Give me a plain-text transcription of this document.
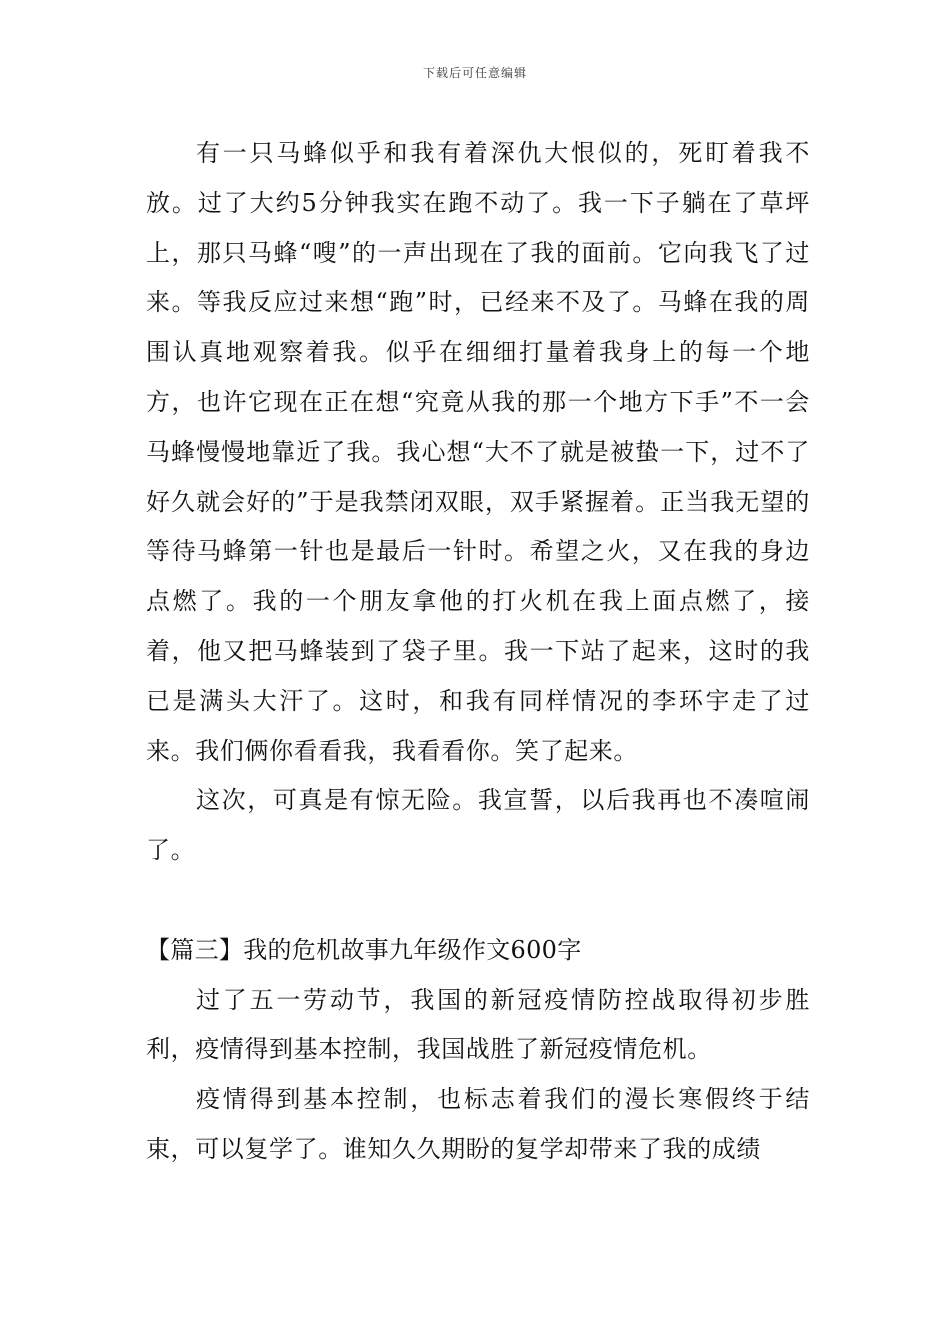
下载后可任意编辑

有一只马蜂似乎和我有着深仇大恨似的，死盯着我不放。过了大约5分钟我实在跑不动了。我一下子躺在了草坪上，那只马蜂“嗖”的一声出现在了我的面前。它向我飞了过来。等我反应过来想“跑”时，已经来不及了。马蜂在我的周围认真地观察着我。似乎在细细打量着我身上的每一个地方，也许它现在正在想“究竟从我的那一个地方下手”不一会马蜂慢慢地靠近了我。我心想“大不了就是被蛰一下，过不了好久就会好的”于是我禁闭双眼，双手紧握着。正当我无望的等待马蜂第一针也是最后一针时。希望之火，又在我的身边点燃了。我的一个朋友拿他的打火机在我上面点燃了，接着，他又把马蜂装到了袋子里。我一下站了起来，这时的我已是满头大汗了。这时，和我有同样情况的李环宇走了过来。我们俩你看看我，我看看你。笑了起来。

这次，可真是有惊无险。我宣誓，以后我再也不凑喧闹了。

【篇三】我的危机故事九年级作文600字

过了五一劳动节，我国的新冠疫情防控战取得初步胜利，疫情得到基本控制，我国战胜了新冠疫情危机。

疫情得到基本控制，也标志着我们的漫长寒假终于结束，可以复学了。谁知久久期盼的复学却带来了我的成绩
